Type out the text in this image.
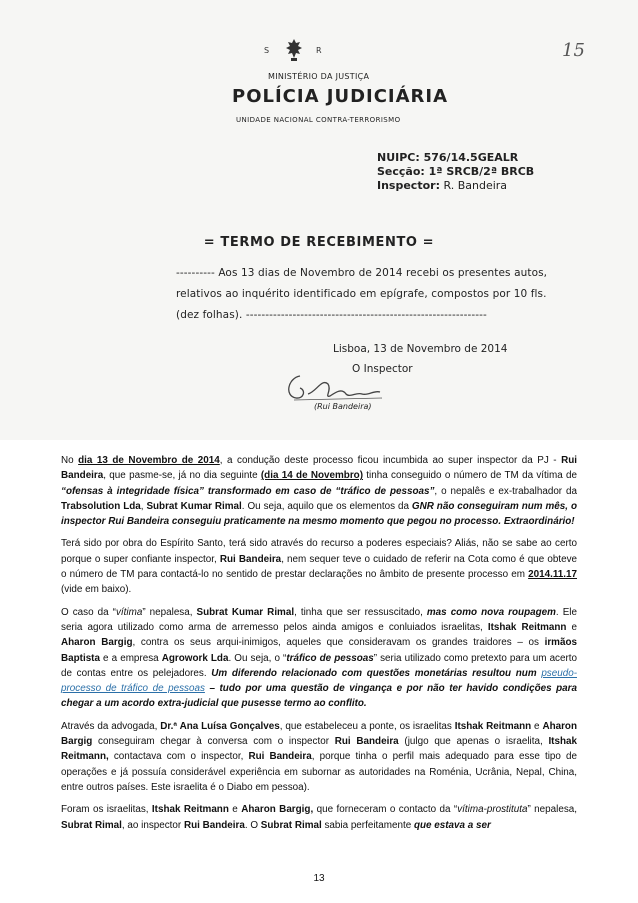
S	R
MINISTÉRIO DA JUSTIÇA
POLÍCIA JUDICIÁRIA
UNIDADE NACIONAL CONTRA-TERRORISMO
15
NUIPC: 576/14.5GEALR
Secção: 1ª SRCB/2ª BRCB
Inspector: R. Bandeira
= TERMO DE RECEBIMENTO =
---------- Aos 13 dias de Novembro de 2014 recebi os presentes autos,
relativos ao inquérito identificado em epígrafe, compostos por 10 fls.
(dez folhas). --------------------------------------------------------------
Lisboa, 13 de Novembro de 2014
O Inspector
(Rui Bandeira)

No dia 13 de Novembro de 2014, a condução deste processo ficou incumbida ao super inspector da PJ - Rui Bandeira, que pasme-se, já no dia seguinte (dia 14 de Novembro) tinha conseguido o número de TM da vítima de “ofensas à integridade física” transformado em caso de “tráfico de pessoas”, o nepalês e ex-trabalhador da Trabsolution Lda, Subrat Kumar Rimal. Ou seja, aquilo que os elementos da GNR não conseguiram num mês, o inspector Rui Bandeira conseguiu praticamente na mesmo momento que pegou no processo. Extraordinário!

Terá sido por obra do Espírito Santo, terá sido através do recurso a poderes especiais? Aliás, não se sabe ao certo porque o super confiante inspector, Rui Bandeira, nem sequer teve o cuidado de referir na Cota como é que obteve o número de TM para contactá-lo no sentido de prestar declarações no âmbito de presente processo em 2014.11.17 (vide em baixo).

O caso da “vítima” nepalesa, Subrat Kumar Rimal, tinha que ser ressuscitado, mas como nova roupagem. Ele seria agora utilizado como arma de arremesso pelos ainda amigos e conluiados israelitas, Itshak Reitmann e Aharon Bargig, contra os seus arqui-inimigos, aqueles que consideravam os grandes traidores – os irmãos Baptista e a empresa Agrowork Lda. Ou seja, o “tráfico de pessoas” seria utilizado como pretexto para um acerto de contas entre os pelejadores. Um diferendo relacionado com questões monetárias resultou num pseudo-processo de tráfico de pessoas – tudo por uma questão de vingança e por não ter havido condições para chegar a um acordo extra-judicial que pusesse termo ao conflito.

Através da advogada, Dr.ª Ana Luísa Gonçalves, que estabeleceu a ponte, os israelitas Itshak Reitmann e Aharon Bargig conseguiram chegar à conversa com o inspector Rui Bandeira (julgo que apenas o israelita, Itshak Reitmann, contactava com o inspector, Rui Bandeira, porque tinha o perfil mais adequado para esse tipo de operações e já possuía considerável experiência em subornar as autoridades na Roménia, Ucrânia, Nepal, China, entre outros países. Este israelita é o Diabo em pessoa).

Foram os israelitas, Itshak Reitmann e Aharon Bargig, que forneceram o contacto da “vítima-prostituta” nepalesa, Subrat Rimal, ao inspector Rui Bandeira. O Subrat Rimal sabia perfeitamente que estava a ser

13
